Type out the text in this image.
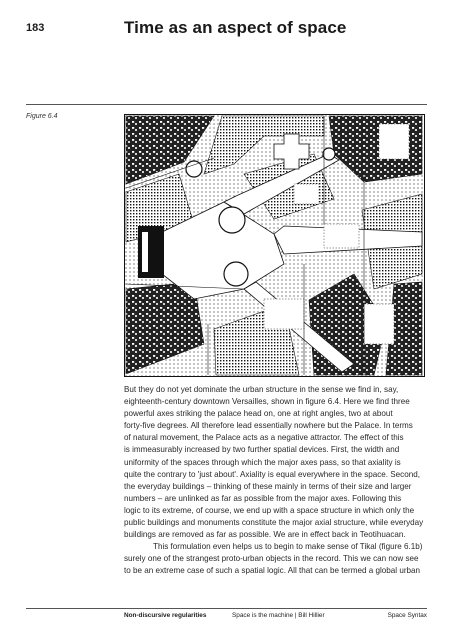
183	Time as an aspect of space
Figure 6.4

But they do not yet dominate the urban structure in the sense we find in, say,

eighteenth-century downtown Versailles, shown in figure 6.4. Here we find three

powerful axes striking the palace head on, one at right angles, two at about

forty-five degrees. All therefore lead essentially nowhere but the Palace. In terms

of natural movement, the Palace acts as a negative attractor. The effect of this

is immeasurably increased by two further spatial devices. First, the width and

uniformity of the spaces through which the major axes pass, so that axiality is

quite the contrary to 'just about'. Axiality is equal everywhere in the space. Second,

the everyday buildings – thinking of these mainly in terms of their size and larger

numbers – are unlinked as far as possible from the major axes. Following this

logic to its extreme, of course, we end up with a space structure in which only the

public buildings and monuments constitute the major axial structure, while everyday

buildings are removed as far as possible. We are in effect back in Teotihuacan.

This formulation even helps us to begin to make sense of Tikal (figure 6.1b)

surely one of the strangest proto-urban objects in the record. This we can now see

to be an extreme case of such a spatial logic. All that can be termed a global urban

Non-discursive regularities	Space is the machine | Bill Hillier	Space Syntax
